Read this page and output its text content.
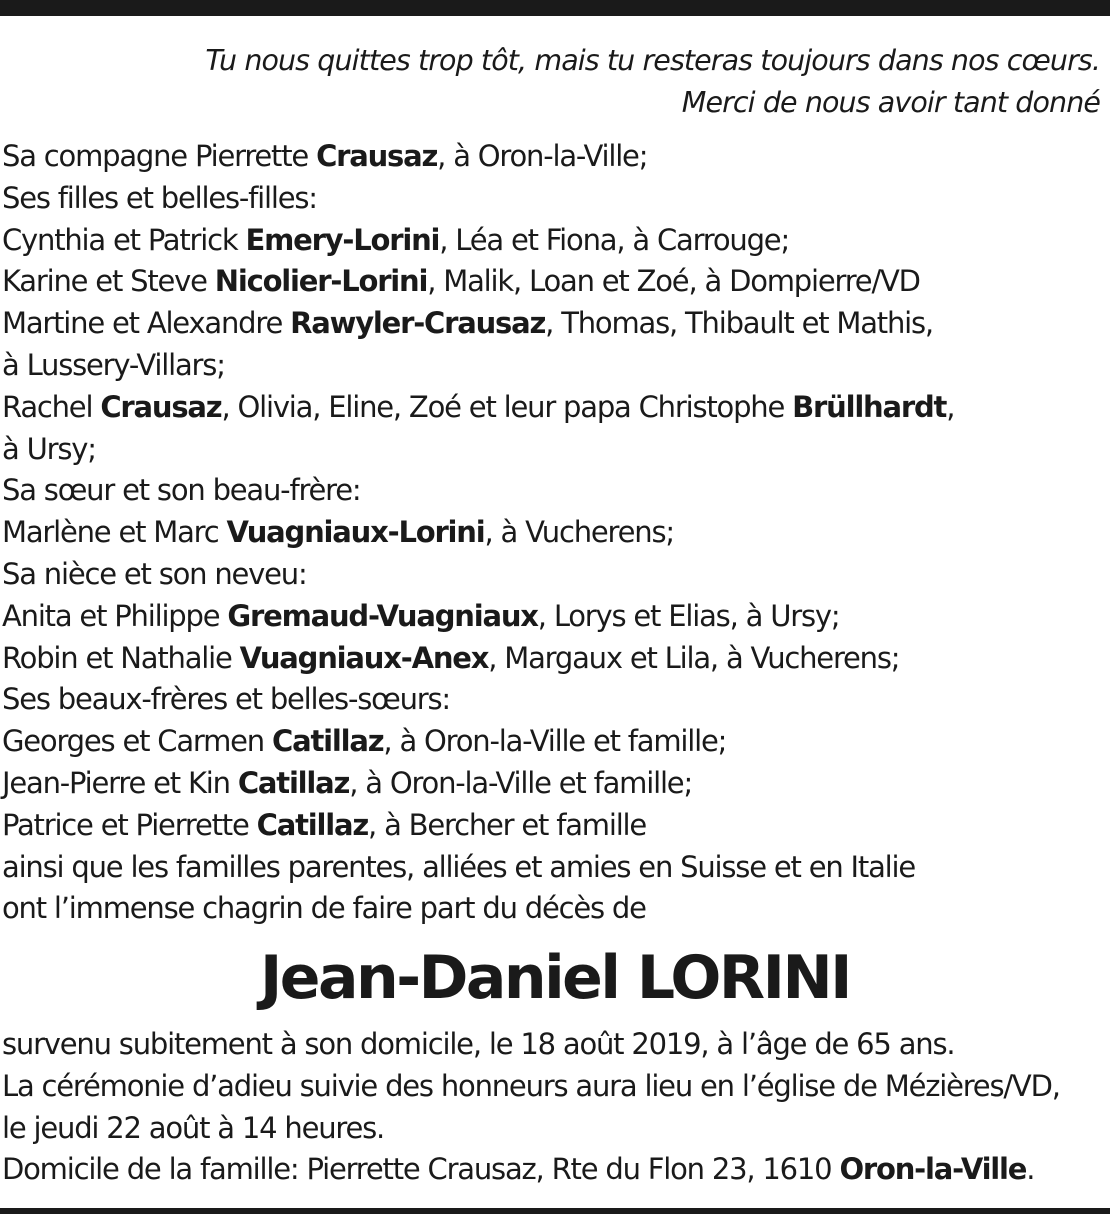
Tu nous quittes trop tôt, mais tu resteras toujours dans nos cœurs.
Merci de nous avoir tant donné
Sa compagne Pierrette Crausaz, à Oron-la-Ville;
Ses filles et belles-filles:
Cynthia et Patrick Emery-Lorini, Léa et Fiona, à Carrouge;
Karine et Steve Nicolier-Lorini, Malik, Loan et Zoé, à Dompierre/VD
Martine et Alexandre Rawyler-Crausaz, Thomas, Thibault et Mathis,
à Lussery-Villars;
Rachel Crausaz, Olivia, Eline, Zoé et leur papa Christophe Brüllhardt,
à Ursy;
Sa sœur et son beau-frère:
Marlène et Marc Vuagniaux-Lorini, à Vucherens;
Sa nièce et son neveu:
Anita et Philippe Gremaud-Vuagniaux, Lorys et Elias, à Ursy;
Robin et Nathalie Vuagniaux-Anex, Margaux et Lila, à Vucherens;
Ses beaux-frères et belles-sœurs:
Georges et Carmen Catillaz, à Oron-la-Ville et famille;
Jean-Pierre et Kin Catillaz, à Oron-la-Ville et famille;
Patrice et Pierrette Catillaz, à Bercher et famille
ainsi que les familles parentes, alliées et amies en Suisse et en Italie
ont l’immense chagrin de faire part du décès de
Jean-Daniel LORINI
survenu subitement à son domicile, le 18 août 2019, à l’âge de 65 ans.
La cérémonie d’adieu suivie des honneurs aura lieu en l’église de Mézières/VD,
le jeudi 22 août à 14 heures.
Domicile de la famille: Pierrette Crausaz, Rte du Flon 23, 1610 Oron-la-Ville.
